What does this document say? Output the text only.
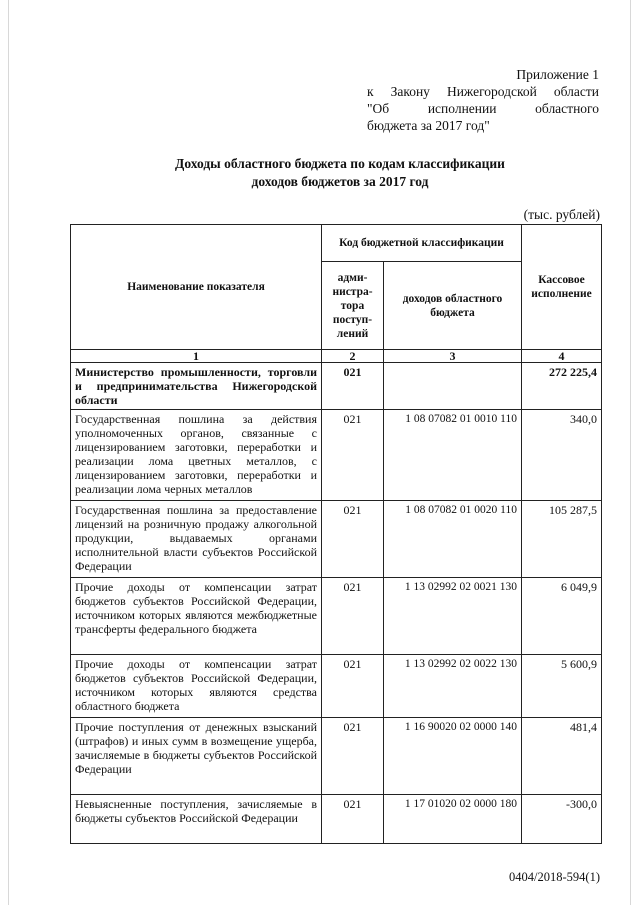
Приложение 1
к Закону Нижегородской области
"Об исполнении областного
бюджета за 2017 год"
Доходы областного бюджета по кодам классификации
доходов бюджетов за 2017 год
(тыс. рублей)
Наименование показателя	Код бюджетной классификации		Кассовое исполнение
	адми-нистра-тора поступ-лений	доходов областного бюджета	
1	2	3	4
Министерство промышленности, торговли и предпринимательства Нижегородской области	021		272 225,4
Государственная пошлина за действия уполномоченных органов, связанные с лицензированием заготовки, переработки и реализации лома цветных металлов, с лицензированием заготовки, переработки и реализации лома черных металлов	021	1 08 07082 01 0010 110	340,0
Государственная пошлина за предоставление лицензий на розничную продажу алкогольной продукции, выдаваемых органами исполнительной власти субъектов Российской Федерации	021	1 08 07082 01 0020 110	105 287,5
Прочие доходы от компенсации затрат бюджетов субъектов Российской Федерации, источником которых являются межбюджетные трансферты федерального бюджета	021	1 13 02992 02 0021 130	6 049,9
Прочие доходы от компенсации затрат бюджетов субъектов Российской Федерации, источником которых являются средства областного бюджета	021	1 13 02992 02 0022 130	5 600,9
Прочие поступления от денежных взысканий (штрафов) и иных сумм в возмещение ущерба, зачисляемые в бюджеты субъектов Российской Федерации	021	1 16 90020 02 0000 140	481,4
Невыясненные поступления, зачисляемые в бюджеты субъектов Российской Федерации	021	1 17 01020 02 0000 180	-300,0
0404/2018-594(1)
